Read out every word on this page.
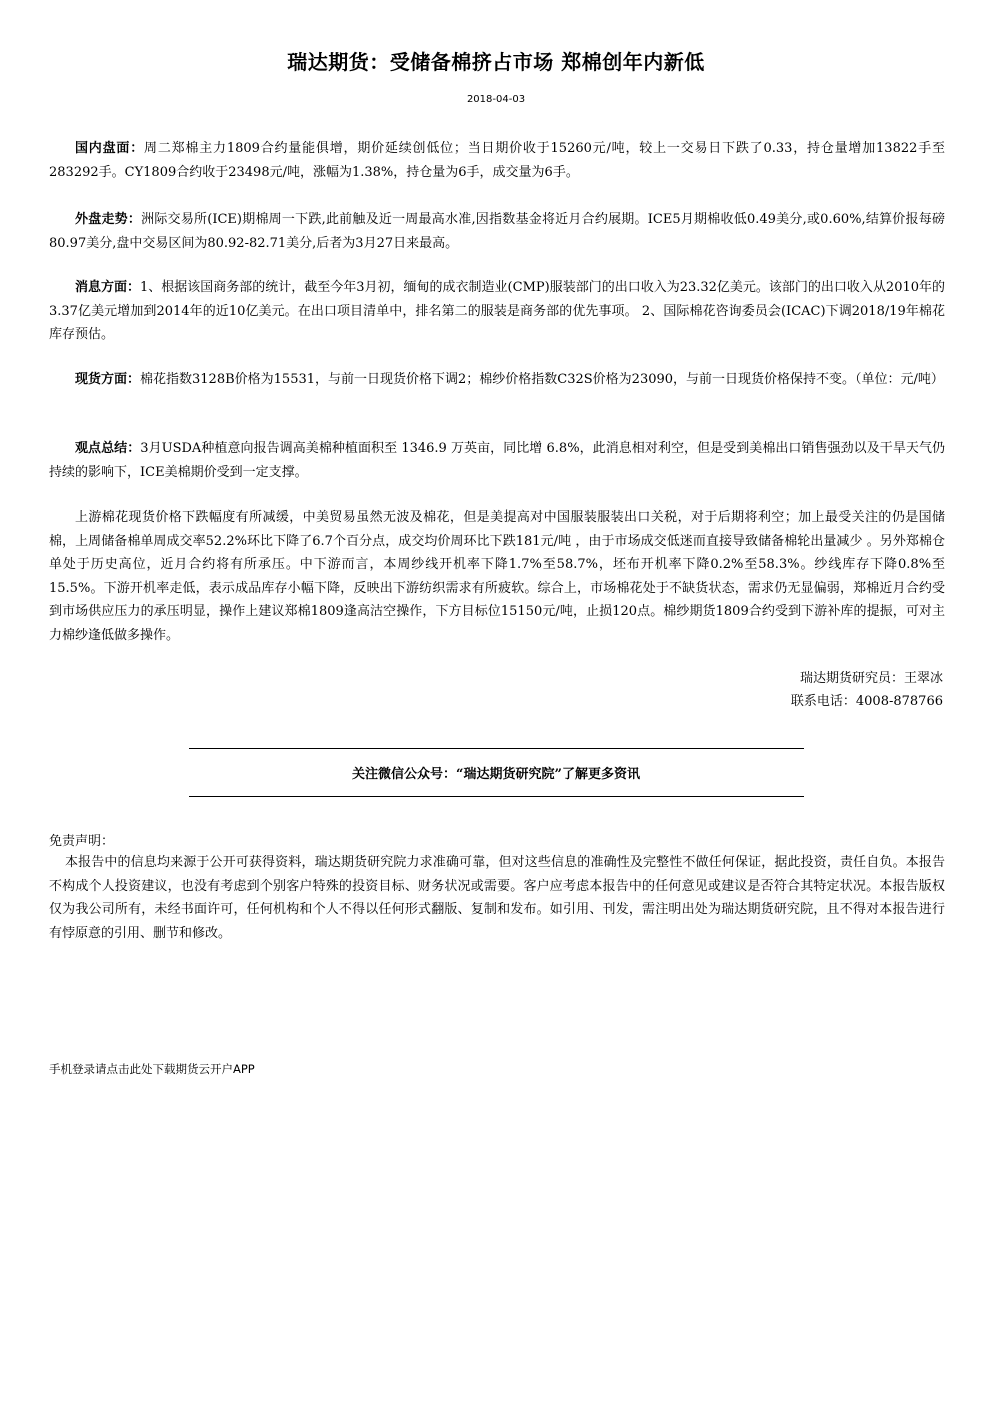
瑞达期货：受储备棉挤占市场 郑棉创年内新低
2018-04-03

国内盘面：周二郑棉主力1809合约量能俱增，期价延续创低位；当日期价收于15260元/吨，较上一交易日下跌了0.33，持仓量增加13822手至283292手。CY1809合约收于23498元/吨，涨幅为1.38%，持仓量为6手，成交量为6手。

外盘走势：洲际交易所(ICE)期棉周一下跌,此前触及近一周最高水准,因指数基金将近月合约展期。ICE5月期棉收低0.49美分,或0.60%,结算价报每磅80.97美分,盘中交易区间为80.92-82.71美分,后者为3月27日来最高。

消息方面：1、根据该国商务部的统计，截至今年3月初，缅甸的成衣制造业(CMP)服装部门的出口收入为23.32亿美元。该部门的出口收入从2010年的3.37亿美元增加到2014年的近10亿美元。在出口项目清单中，排名第二的服装是商务部的优先事项。 2、国际棉花咨询委员会(ICAC)下调2018/19年棉花库存预估。

现货方面：棉花指数3128B价格为15531，与前一日现货价格下调2；棉纱价格指数C32S价格为23090，与前一日现货价格保持不变。（单位：元/吨）

观点总结：3月USDA种植意向报告调高美棉种植面积至 1346.9 万英亩，同比增 6.8%，此消息相对利空，但是受到美棉出口销售强劲以及干旱天气仍持续的影响下，ICE美棉期价受到一定支撑。

上游棉花现货价格下跌幅度有所减缓，中美贸易虽然无波及棉花，但是美提高对中国服装服装出口关税，对于后期将利空；加上最受关注的仍是国储棉，上周储备棉单周成交率52.2%环比下降了6.7个百分点，成交均价周环比下跌181元/吨 ，由于市场成交低迷而直接导致储备棉轮出量减少 。另外郑棉仓单处于历史高位，近月合约将有所承压。中下游而言，本周纱线开机率下降1.7%至58.7%，坯布开机率下降0.2%至58.3%。纱线库存下降0.8%至15.5%。下游开机率走低，表示成品库存小幅下降，反映出下游纺织需求有所疲软。综合上，市场棉花处于不缺货状态，需求仍无显偏弱，郑棉近月合约受到市场供应压力的承压明显，操作上建议郑棉1809逢高沽空操作，下方目标位15150元/吨，止损120点。棉纱期货1809合约受到下游补库的提振，可对主力棉纱逢低做多操作。

瑞达期货研究员：王翠冰
联系电话：4008-878766
关注微信公众号：“瑞达期货研究院”了解更多资讯
免责声明：

本报告中的信息均来源于公开可获得资料，瑞达期货研究院力求准确可靠，但对这些信息的准确性及完整性不做任何保证，据此投资，责任自负。本报告不构成个人投资建议，也没有考虑到个别客户特殊的投资目标、财务状况或需要。客户应考虑本报告中的任何意见或建议是否符合其特定状况。本报告版权仅为我公司所有，未经书面许可，任何机构和个人不得以任何形式翻版、复制和发布。如引用、刊发，需注明出处为瑞达期货研究院，且不得对本报告进行有悖原意的引用、删节和修改。

手机登录请点击此处下载期货云开户APP
